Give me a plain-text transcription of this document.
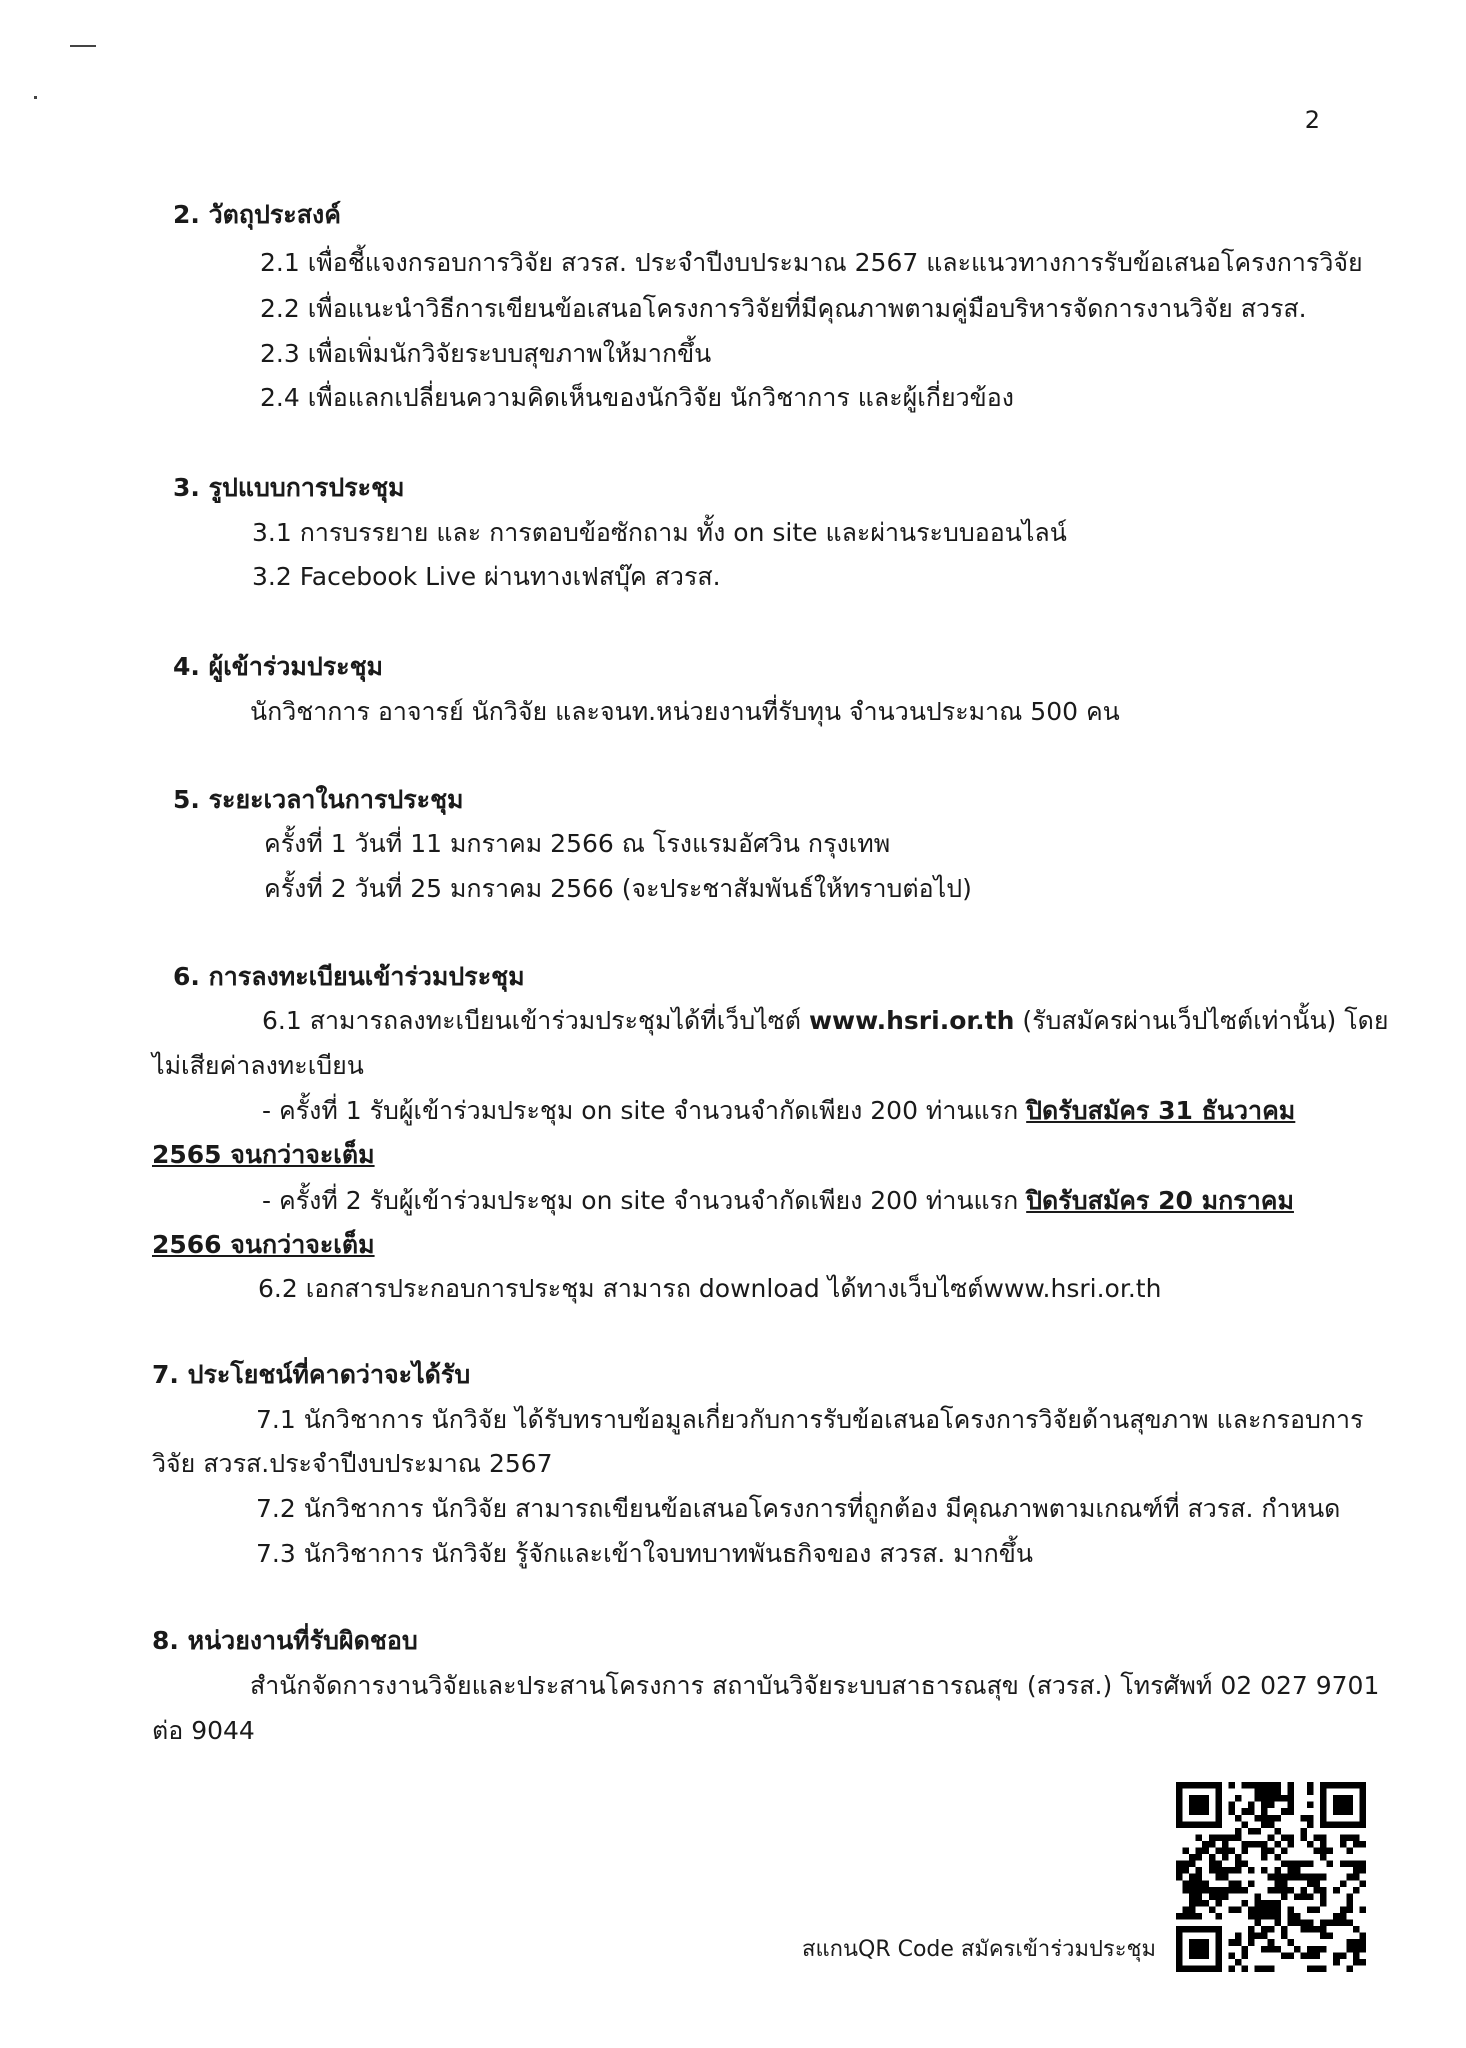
2
2. วัตถุประสงค์
2.1 เพื่อชี้แจงกรอบการวิจัย สวรส. ประจำปีงบประมาณ 2567 และแนวทางการรับข้อเสนอโครงการวิจัย
2.2 เพื่อแนะนำวิธีการเขียนข้อเสนอโครงการวิจัยที่มีคุณภาพตามคู่มือบริหารจัดการงานวิจัย สวรส.
2.3 เพื่อเพิ่มนักวิจัยระบบสุขภาพให้มากขึ้น
2.4 เพื่อแลกเปลี่ยนความคิดเห็นของนักวิจัย นักวิชาการ และผู้เกี่ยวข้อง
3. รูปแบบการประชุม
3.1 การบรรยาย และ การตอบข้อซักถาม ทั้ง on site และผ่านระบบออนไลน์
3.2 Facebook Live ผ่านทางเฟสบุ๊ค สวรส.
4. ผู้เข้าร่วมประชุม
นักวิชาการ อาจารย์ นักวิจัย และจนท.หน่วยงานที่รับทุน จำนวนประมาณ 500 คน
5. ระยะเวลาในการประชุม
ครั้งที่ 1 วันที่ 11 มกราคม 2566 ณ โรงแรมอัศวิน กรุงเทพ
ครั้งที่ 2 วันที่ 25 มกราคม 2566 (จะประชาสัมพันธ์ให้ทราบต่อไป)
6. การลงทะเบียนเข้าร่วมประชุม
6.1 สามารถลงทะเบียนเข้าร่วมประชุมได้ที่เว็บไซต์ www.hsri.or.th (รับสมัครผ่านเว็ปไซต์เท่านั้น) โดย
ไม่เสียค่าลงทะเบียน
- ครั้งที่ 1 รับผู้เข้าร่วมประชุม on site จำนวนจำกัดเพียง 200 ท่านแรก ปิดรับสมัคร 31 ธันวาคม
2565 จนกว่าจะเต็ม
- ครั้งที่ 2 รับผู้เข้าร่วมประชุม on site จำนวนจำกัดเพียง 200 ท่านแรก ปิดรับสมัคร 20 มกราคม
2566 จนกว่าจะเต็ม
6.2 เอกสารประกอบการประชุม สามารถ download ได้ทางเว็บไซต์www.hsri.or.th
7. ประโยชน์ที่คาดว่าจะได้รับ
7.1 นักวิชาการ นักวิจัย ได้รับทราบข้อมูลเกี่ยวกับการรับข้อเสนอโครงการวิจัยด้านสุขภาพ และกรอบการ
วิจัย สวรส.ประจำปีงบประมาณ 2567
7.2 นักวิชาการ นักวิจัย สามารถเขียนข้อเสนอโครงการที่ถูกต้อง มีคุณภาพตามเกณฑ์ที่ สวรส. กำหนด
7.3 นักวิชาการ นักวิจัย รู้จักและเข้าใจบทบาทพันธกิจของ สวรส. มากขึ้น
8. หน่วยงานที่รับผิดชอบ
สำนักจัดการงานวิจัยและประสานโครงการ สถาบันวิจัยระบบสาธารณสุข (สวรส.) โทรศัพท์ 02 027 9701
ต่อ 9044
สแกนQR Code สมัครเข้าร่วมประชุม
